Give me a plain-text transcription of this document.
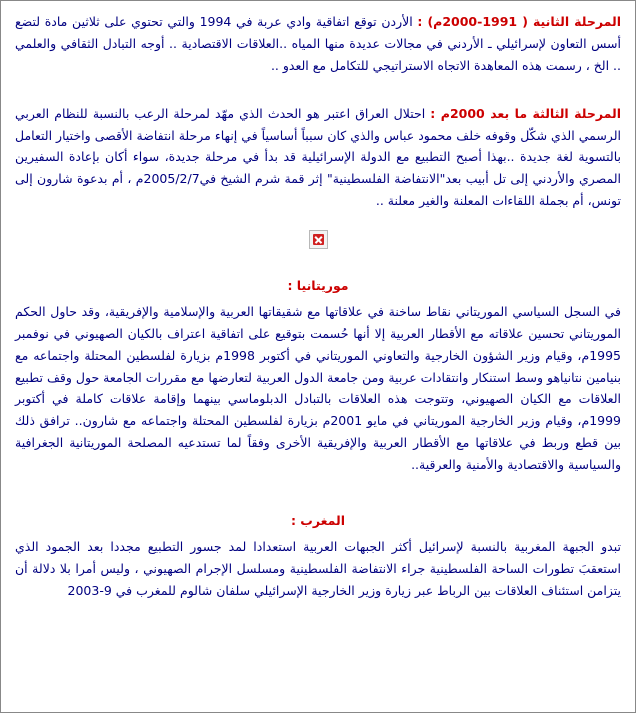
المرحلة الثانية ( 1991-2000م) : الأردن توقع اتفاقية وادي عربة في 1994 والتي تحتوي على ثلاثين مادة لتضع أسس التعاون لإسرائيلي ـ الأردني في مجالات عديدة منها المياه ..العلاقات الاقتصادية .. أوجه التبادل الثقافي والعلمي .. الخ ، رسمت هذه المعاهدة الاتجاه الاستراتيجي للتكامل مع العدو ..

المرحلة الثالثة ما بعد 2000م : احتلال العراق اعتبر هو الحدث الذي مهّد لمرحلة الرعب بالنسبة للنظام العربي الرسمي الذي شكّل وقوفه خلف محمود عباس والذي كان سبباً أساسياً في إنهاء مرحلة انتفاضة الأقصى واختيار التعامل بالتسوية لغة جديدة ..بهذا أصبح التطبيع مع الدولة الإسرائيلية قد بدأ في مرحلة جديدة، سواء أكان بإعادة السفيرين المصري والأردني إلى تل أبيب بعد"الانتفاضة الفلسطينية" إثر قمة شرم الشيخ في2005/2/7م ، أم بدعوة شارون إلى تونس، أم بجملة اللقاءات المعلنة والغير معلنة ..

موريتانيا :

في السجل السياسي الموريتاني نقاط ساخنة في علاقاتها مع شقيقاتها العربية والإسلامية والإفريقية، وقد حاول الحكم الموريتاني تحسين علاقاته مع الأقطار العربية إلا أنها حُسمت بتوقيع على اتفاقية اعتراف بالكيان الصهيوني في نوفمبر 1995م، وقيام وزير الشؤون الخارجية والتعاوني الموريتاني في أكتوبر 1998م بزيارة لفلسطين المحتلة واجتماعه مع بنيامين نتانياهو وسط استنكار وانتقادات عربية ومن جامعة الدول العربية لتعارضها مع مقررات الجامعة حول وقف تطبيع العلاقات مع الكيان الصهيوني، وتتوجت هذه العلاقات بالتبادل الدبلوماسي بينهما وإقامة علاقات كاملة في أكتوبر 1999م، وقيام وزير الخارجية الموريتاني في مايو 2001م بزيارة لفلسطين المحتلة واجتماعه مع شارون.. ترافق ذلك بين قطع وربط في علاقاتها مع الأقطار العربية والإفريقية الأخرى وفقاً لما تستدعيه المصلحة الموريتانية الجغرافية والسياسية والاقتصادية والأمنية والعرقية..

المغرب :

تبدو الجبهة المغربية بالنسبة لإسرائيل أكثر الجبهات العربية استعدادا لمد جسور التطبيع مجددا بعد الجمود الذي استعقبَ تطورات الساحة الفلسطينية جراء الانتفاضة الفلسطينية ومسلسل الإجرام الصهيوني ، وليس أمرا بلا دلالة أن يتزامن استئناف العلاقات بين الرباط عبر زيارة وزير الخارجية الإسرائيلي سلفان شالوم للمغرب في 9-2003
